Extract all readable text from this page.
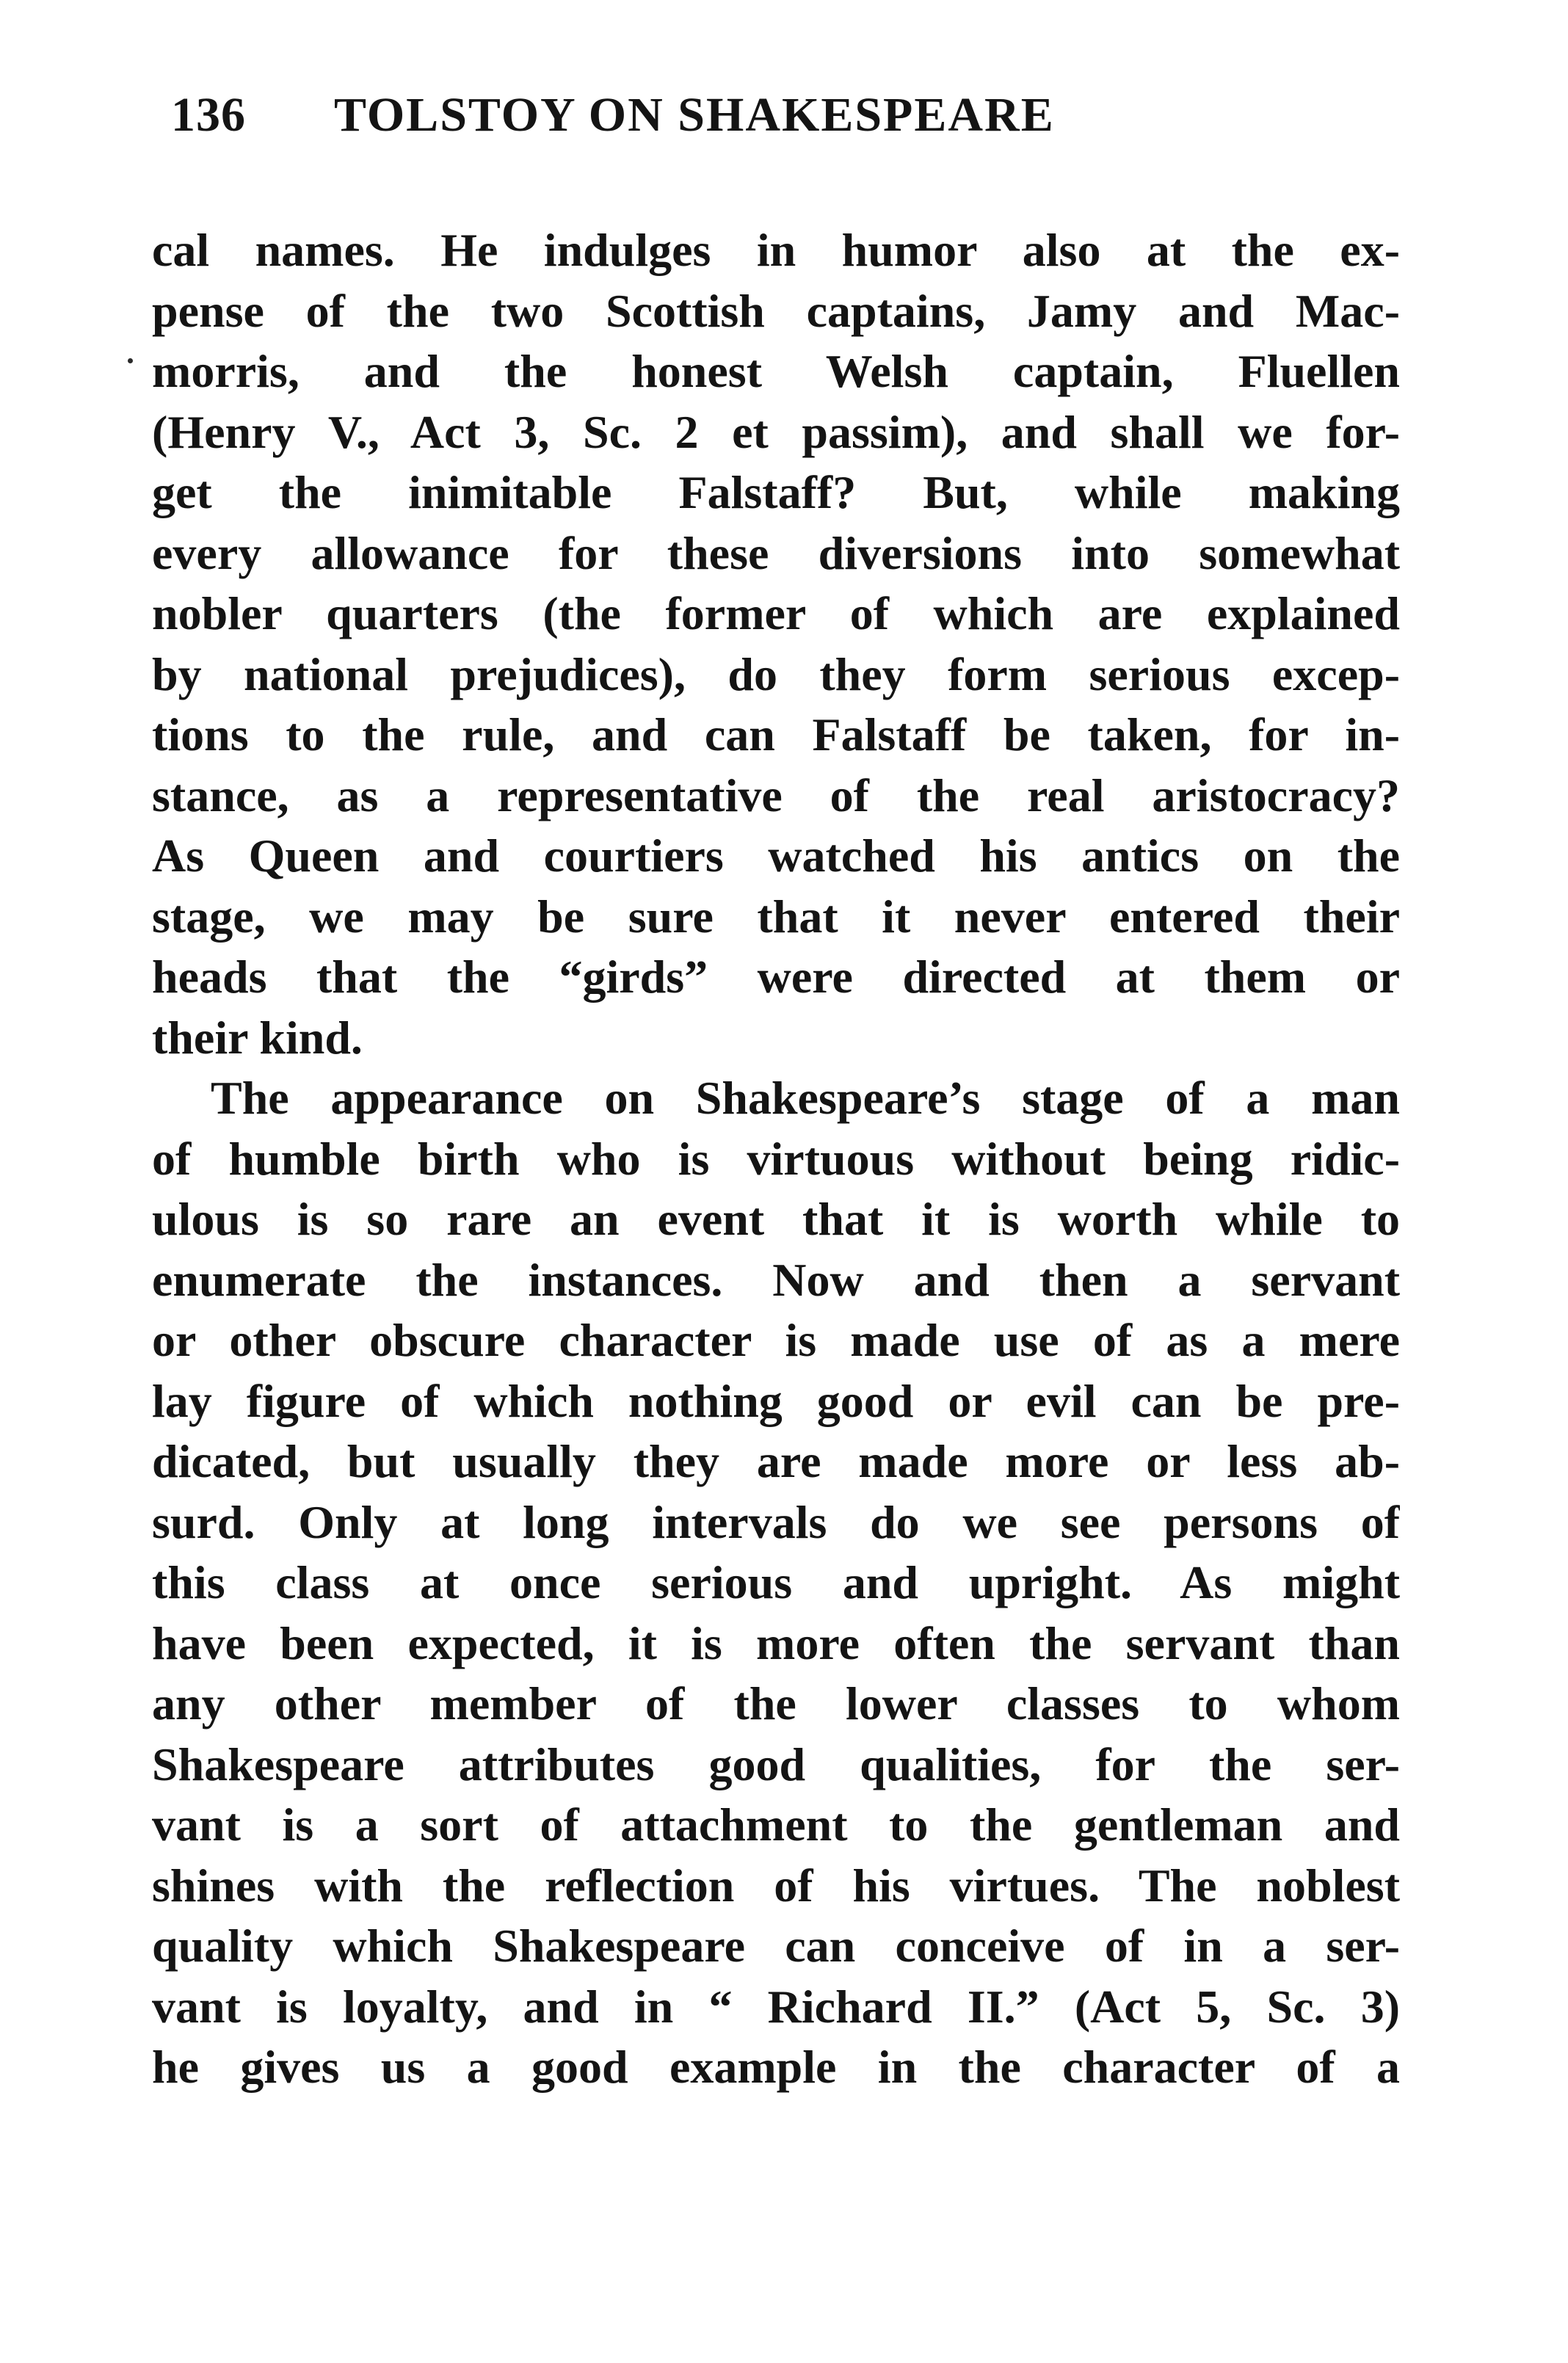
136 TOLSTOY ON SHAKESPEARE
cal names. He indulges in humor also at the ex-
pense of the two Scottish captains, Jamy and Mac-
morris, and the honest Welsh captain, Fluellen
(Henry V., Act 3, Sc. 2 et passim), and shall we for-
get the inimitable Falstaff? But, while making
every allowance for these diversions into somewhat
nobler quarters (the former of which are explained
by national prejudices), do they form serious excep-
tions to the rule, and can Falstaff be taken, for in-
stance, as a representative of the real aristocracy?
As Queen and courtiers watched his antics on the
stage, we may be sure that it never entered their
heads that the “girds” were directed at them or
their kind.
The appearance on Shakespeare’s stage of a man
of humble birth who is virtuous without being ridic-
ulous is so rare an event that it is worth while to
enumerate the instances. Now and then a servant
or other obscure character is made use of as a mere
lay figure of which nothing good or evil can be pre-
dicated, but usually they are made more or less ab-
surd. Only at long intervals do we see persons of
this class at once serious and upright. As might
have been expected, it is more often the servant than
any other member of the lower classes to whom
Shakespeare attributes good qualities, for the ser-
vant is a sort of attachment to the gentleman and
shines with the reflection of his virtues. The noblest
quality which Shakespeare can conceive of in a ser-
vant is loyalty, and in “ Richard II.” (Act 5, Sc. 3)
he gives us a good example in the character of a
